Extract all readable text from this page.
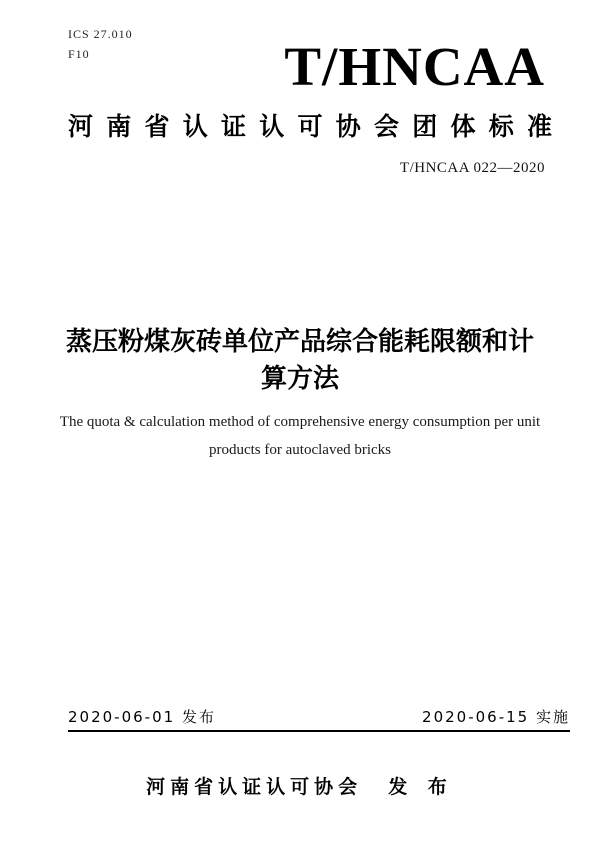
ICS 27.010
F10	T/HNCAA
河南省认证认可协会团体标准
T/HNCAA 022—2020
蒸压粉煤灰砖单位产品综合能耗限额和计
算方法
The quota & calculation method of comprehensive energy consumption per unit
products for autoclaved bricks
2020-06-01 发布	2020-06-15 实施
河南省认证认可协会 发 布
